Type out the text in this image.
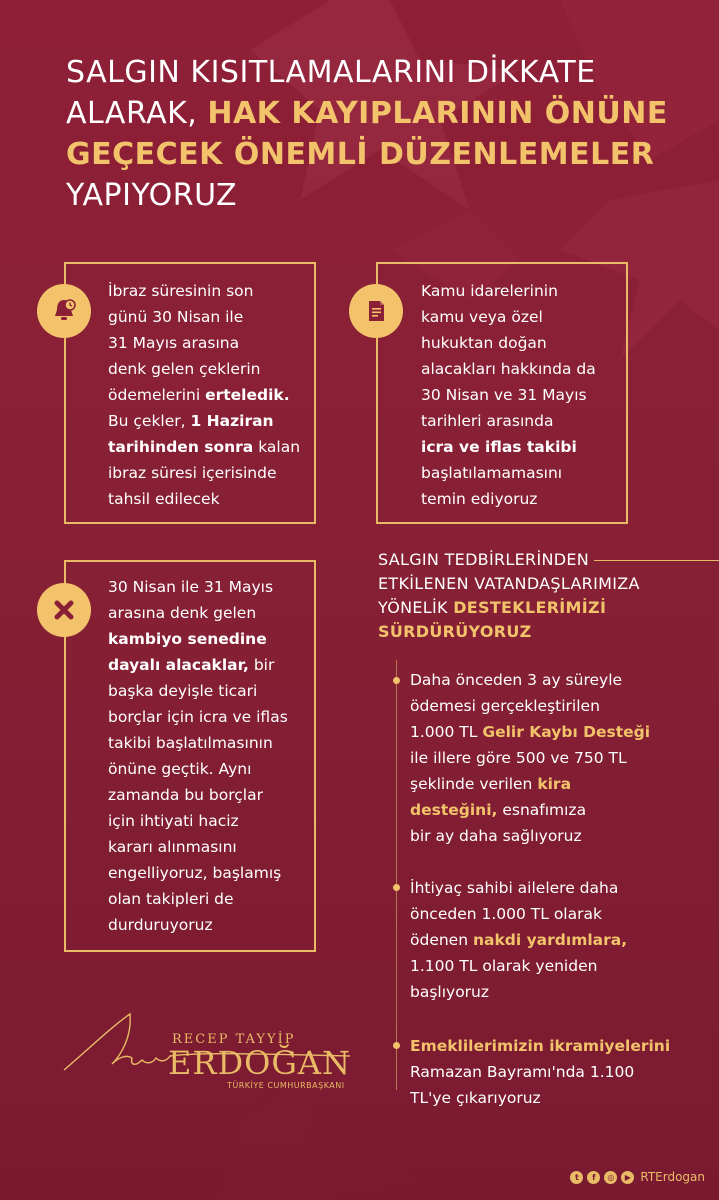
SALGIN KISITLAMALARINI DİKKATE
ALARAK, HAK KAYIPLARININ ÖNÜNE
GEÇECEK ÖNEMLİ DÜZENLEMELER
YAPIYORUZ
İbraz süresinin son
günü 30 Nisan ile
31 Mayıs arasına
denk gelen çeklerin
ödemelerini erteledik.
Bu çekler, 1 Haziran
tarihinden sonra kalan
ibraz süresi içerisinde
tahsil edilecek
Kamu idarelerinin
kamu veya özel
hukuktan doğan
alacakları hakkında da
30 Nisan ve 31 Mayıs
tarihleri arasında
icra ve iflas takibi
başlatılamamasını
temin ediyoruz
30 Nisan ile 31 Mayıs
arasına denk gelen
kambiyo senedine
dayalı alacaklar, bir
başka deyişle ticari
borçlar için icra ve iflas
takibi başlatılmasının
önüne geçtik. Aynı
zamanda bu borçlar
için ihtiyati haciz
kararı alınmasını
engelliyoruz, başlamış
olan takipleri de
durduruyoruz
SALGIN TEDBİRLERİNDEN
ETKİLENEN VATANDAŞLARIMIZA
YÖNELİK DESTEKLERİMİZİ
SÜRDÜRÜYORUZ
Daha önceden 3 ay süreyle
ödemesi gerçekleştirilen
1.000 TL Gelir Kaybı Desteği
ile illere göre 500 ve 750 TL
şeklinde verilen kira
desteğini, esnafımıza
bir ay daha sağlıyoruz
İhtiyaç sahibi ailelere daha
önceden 1.000 TL olarak
ödenen nakdi yardımlara,
1.100 TL olarak yeniden
başlıyoruz
Emeklilerimizin ikramiyelerini
Ramazan Bayramı'nda 1.100
TL'ye çıkarıyoruz
RECEP TAYYİP
ERDOĞAN
TÜRKİYE CUMHURBAŞKANI
t	f	◎	▶ RTErdogan
